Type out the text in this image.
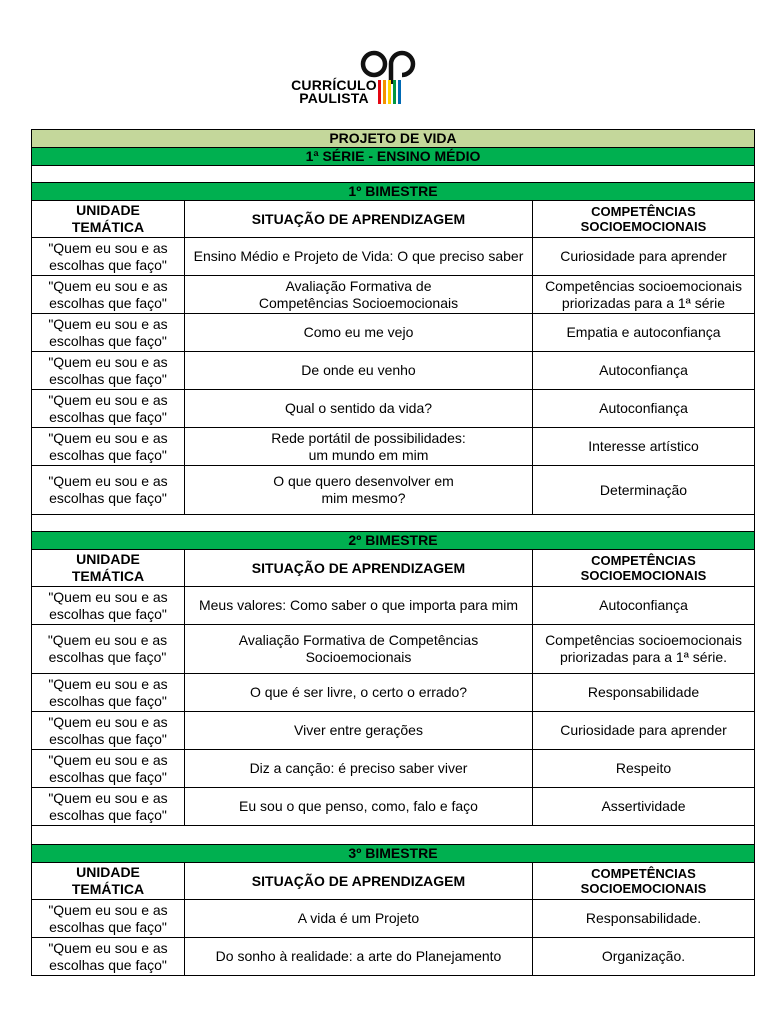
CURRÍCULO
PAULISTA
PROJETO DE VIDA		
1ª SÉRIE - ENSINO MÉDIO		

1º BIMESTRE		
UNIDADE
TEMÁTICA	SITUAÇÃO DE APRENDIZAGEM	COMPETÊNCIAS
SOCIOEMOCIONAIS
"Quem eu sou e as
escolhas que faço"	Ensino Médio e Projeto de Vida: O que preciso saber	Curiosidade para aprender
"Quem eu sou e as
escolhas que faço"	Avaliação Formativa de Competências Socioemocionais	Competências socioemocionais priorizadas para a 1ª série
"Quem eu sou e as
escolhas que faço"	Como eu me vejo	Empatia e autoconfiança
"Quem eu sou e as
escolhas que faço"	De onde eu venho	Autoconfiança
"Quem eu sou e as
escolhas que faço"	Qual o sentido da vida?	Autoconfiança
"Quem eu sou e as
escolhas que faço"	Rede portátil de possibilidades: um mundo em mim	Interesse artístico
"Quem eu sou e as
escolhas que faço"	O que quero desenvolver em mim mesmo?	Determinação

2º BIMESTRE		
UNIDADE
TEMÁTICA	SITUAÇÃO DE APRENDIZAGEM	COMPETÊNCIAS
SOCIOEMOCIONAIS
"Quem eu sou e as
escolhas que faço"	Meus valores: Como saber o que importa para mim	Autoconfiança
"Quem eu sou e as
escolhas que faço"	Avaliação Formativa de Competências Socioemocionais	Competências socioemocionais priorizadas para a 1ª série.
"Quem eu sou e as
escolhas que faço"	O que é ser livre, o certo o errado?	Responsabilidade
"Quem eu sou e as
escolhas que faço"	Viver entre gerações	Curiosidade para aprender
"Quem eu sou e as
escolhas que faço"	Diz a canção: é preciso saber viver	Respeito
"Quem eu sou e as
escolhas que faço"	Eu sou o que penso, como, falo e faço	Assertividade

3º BIMESTRE		
UNIDADE
TEMÁTICA	SITUAÇÃO DE APRENDIZAGEM	COMPETÊNCIAS
SOCIOEMOCIONAIS
"Quem eu sou e as
escolhas que faço"	A vida é um Projeto	Responsabilidade.
"Quem eu sou e as
escolhas que faço"	Do sonho à realidade: a arte do Planejamento	Organização.
